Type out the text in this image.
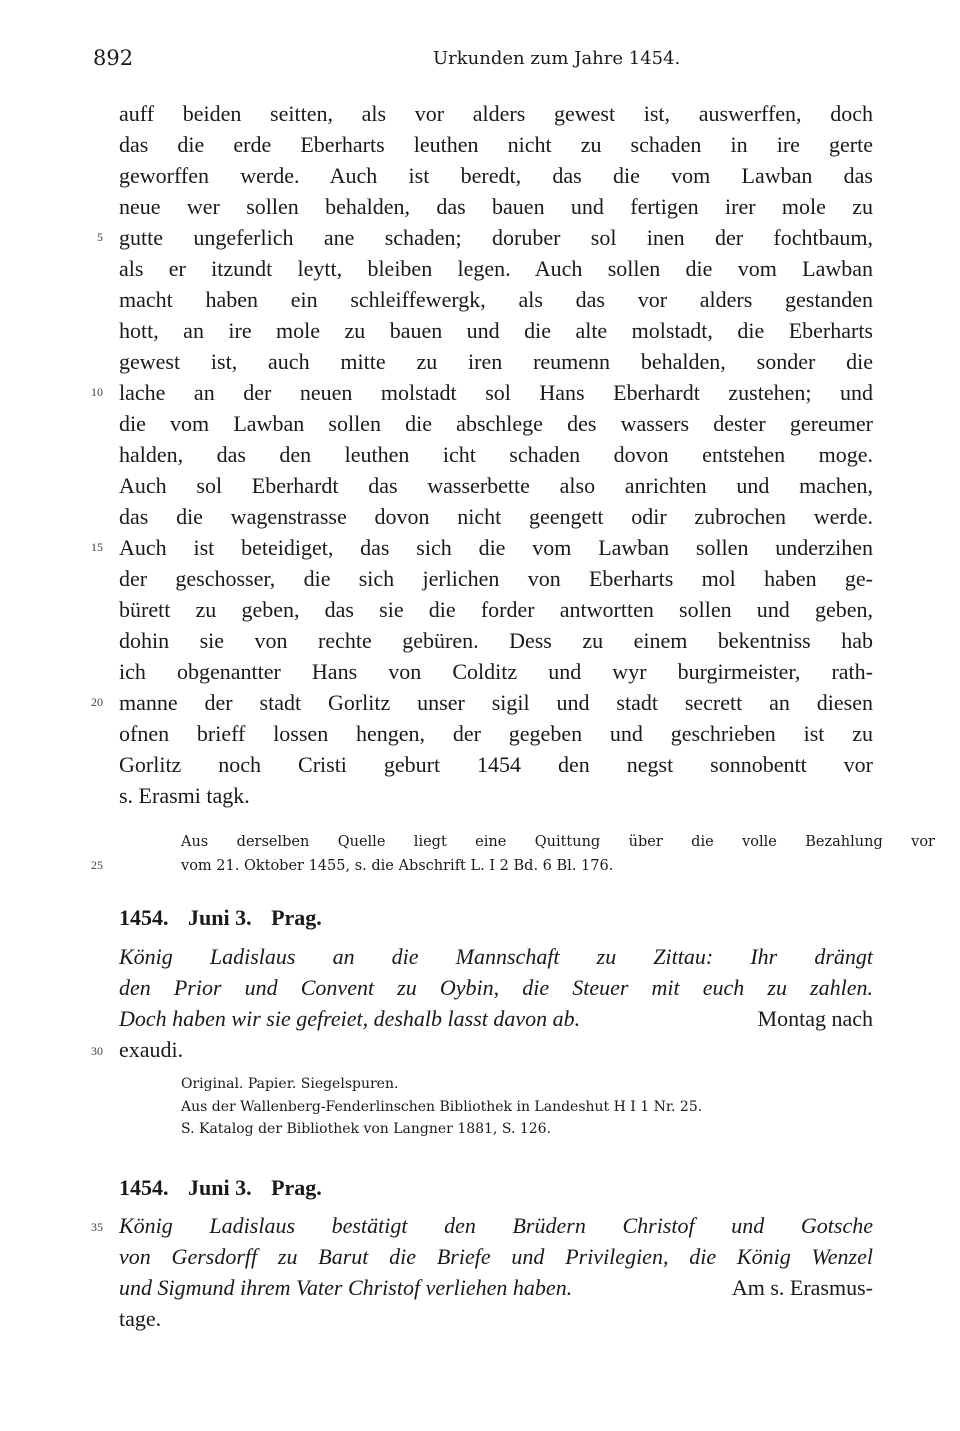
892	Urkunden zum Jahre 1454.
auff beiden seitten, als vor alders gewest ist, auswerffen, doch
das die erde Eberharts leuthen nicht zu schaden in ire gerte
geworffen werde. Auch ist beredt, das die vom Lawban das
neue wer sollen behalden, das bauen und fertigen irer mole zu
5 gutte ungeferlich ane schaden; doruber sol inen der fochtbaum,
als er itzundt leytt, bleiben legen. Auch sollen die vom Lawban
macht haben ein schleiffewergk, als das vor alders gestanden
hott, an ire mole zu bauen und die alte molstadt, die Eberharts
gewest ist, auch mitte zu iren reumenn behalden, sonder die
10 lache an der neuen molstadt sol Hans Eberhardt zustehen; und
die vom Lawban sollen die abschlege des wassers dester gereumer
halden, das den leuthen icht schaden dovon entstehen moge.
Auch sol Eberhardt das wasserbette also anrichten und machen,
das die wagenstrasse dovon nicht geengett odir zubrochen werde.
15 Auch ist beteidiget, das sich die vom Lawban sollen underzihen
der geschosser, die sich jerlichen von Eberharts mol haben ge-
bürett zu geben, das sie die forder antwortten sollen und geben,
dohin sie von rechte gebüren. Dess zu einem bekentniss hab
ich obgenantter Hans von Colditz und wyr burgirmeister, rath-
20 manne der stadt Gorlitz unser sigil und stadt secrett an diesen
ofnen brieff lossen hengen, der gegeben und geschrieben ist zu
Gorlitz noch Cristi geburt 1454 den negst sonnobentt vor
s. Erasmi tagk.
Aus derselben Quelle liegt eine Quittung über die volle Bezahlung vor
25	vom 21. Oktober 1455, s. die Abschrift L. I 2 Bd. 6 Bl. 176.
1454. Juni 3. Prag.
König Ladislaus an die Mannschaft zu Zittau: Ihr drängt
den Prior und Convent zu Oybin, die Steuer mit euch zu zahlen.
Doch haben wir sie gefreiet, deshalb lasst davon ab.	Montag nach
30 exaudi.
Original. Papier. Siegelspuren.
Aus der Wallenberg-Fenderlinschen Bibliothek in Landeshut H I 1 Nr. 25.
S. Katalog der Bibliothek von Langner 1881, S. 126.
1454. Juni 3. Prag.
35 König Ladislaus bestätigt den Brüdern Christof und Gotsche
von Gersdorff zu Barut die Briefe und Privilegien, die König Wenzel
und Sigmund ihrem Vater Christof verliehen haben.	Am s. Erasmus-
tage.
